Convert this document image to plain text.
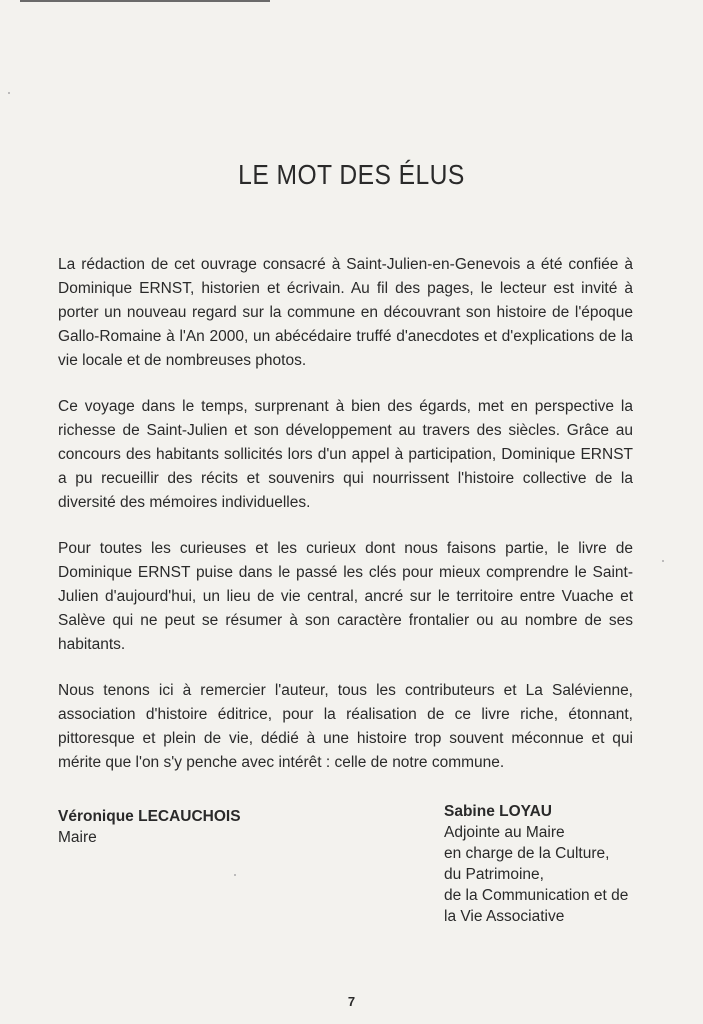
LE MOT DES ÉLUS

La rédaction de cet ouvrage consacré à Saint-Julien-en-Genevois a été confiée à Dominique ERNST, historien et écrivain. Au fil des pages, le lecteur est invité à porter un nouveau regard sur la commune en découvrant son histoire de l'époque Gallo-Romaine à l'An 2000, un abécédaire truffé d'anecdotes et d'explications de la vie locale et de nombreuses photos.

Ce voyage dans le temps, surprenant à bien des égards, met en perspective la richesse de Saint-Julien et son développement au travers des siècles. Grâce au concours des habitants sollicités lors d'un appel à participation, Dominique ERNST a pu recueillir des récits et souvenirs qui nourrissent l'histoire collective de la diversité des mémoires individuelles.

Pour toutes les curieuses et les curieux dont nous faisons partie, le livre de Dominique ERNST puise dans le passé les clés pour mieux comprendre le Saint-Julien d'aujourd'hui, un lieu de vie central, ancré sur le territoire entre Vuache et Salève qui ne peut se résumer à son caractère frontalier ou au nombre de ses habitants.

Nous tenons ici à remercier l'auteur, tous les contributeurs et La Salévienne, association d'histoire éditrice, pour la réalisation de ce livre riche, étonnant, pittoresque et plein de vie, dédié à une histoire trop souvent méconnue et qui mérite que l'on s'y penche avec intérêt : celle de notre commune.

Véronique LECAUCHOIS
Maire
Sabine LOYAU
Adjointe au Maire
en charge de la Culture,
du Patrimoine,
de la Communication et de
la Vie Associative
7
